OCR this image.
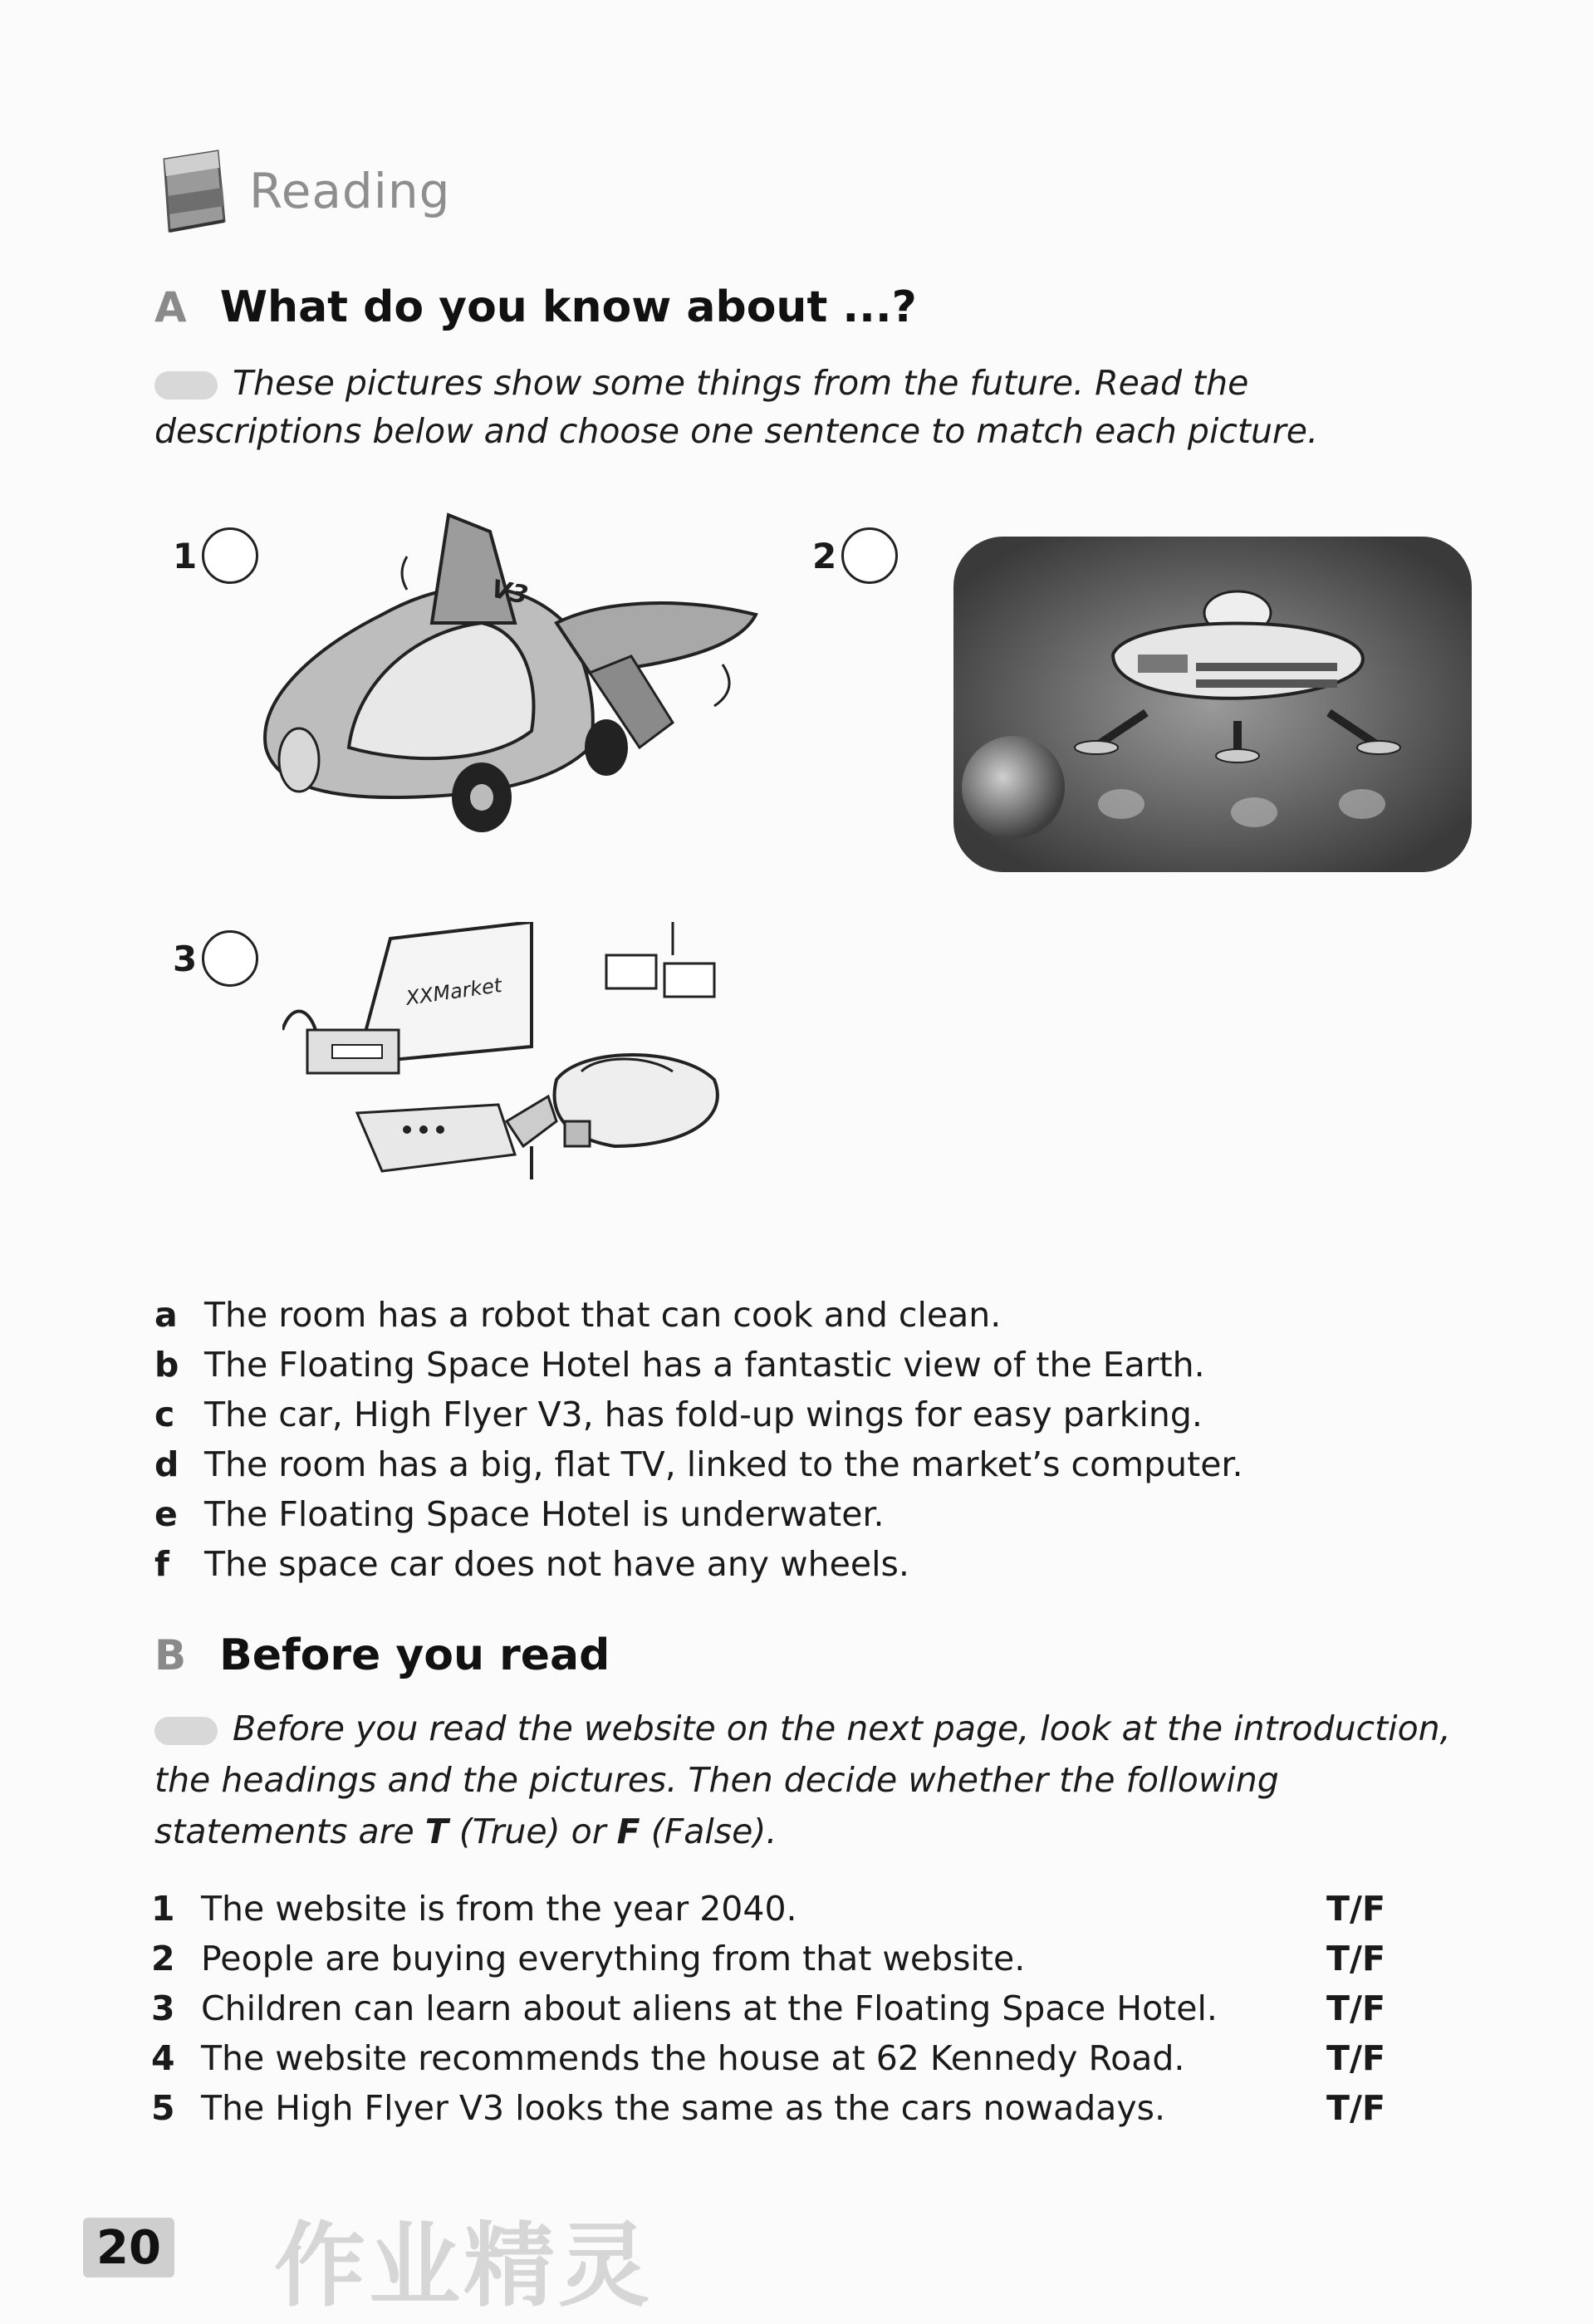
Reading
A What do you know about ...?
These pictures show some things from the future. Read the descriptions below and choose one sentence to match each picture.
1
V3
2
3
XXMarket
a The room has a robot that can cook and clean.
b The Floating Space Hotel has a fantastic view of the Earth.
c The car, High Flyer V3, has fold-up wings for easy parking.
d The room has a big, flat TV, linked to the market’s computer.
e The Floating Space Hotel is underwater.
f	The space car does not have any wheels.
B Before you read
Before you read the website on the next page, look at the introduction, the headings and the pictures. Then decide whether the following statements are T (True) or F (False).
1 The website is from the year 2040.	T/F
2 People are buying everything from that website.	T/F
3 Children can learn about aliens at the Floating Space Hotel.	T/F
4 The website recommends the house at 62 Kennedy Road.	T/F
5 The High Flyer V3 looks the same as the cars nowadays.	T/F
20 作业精灵
